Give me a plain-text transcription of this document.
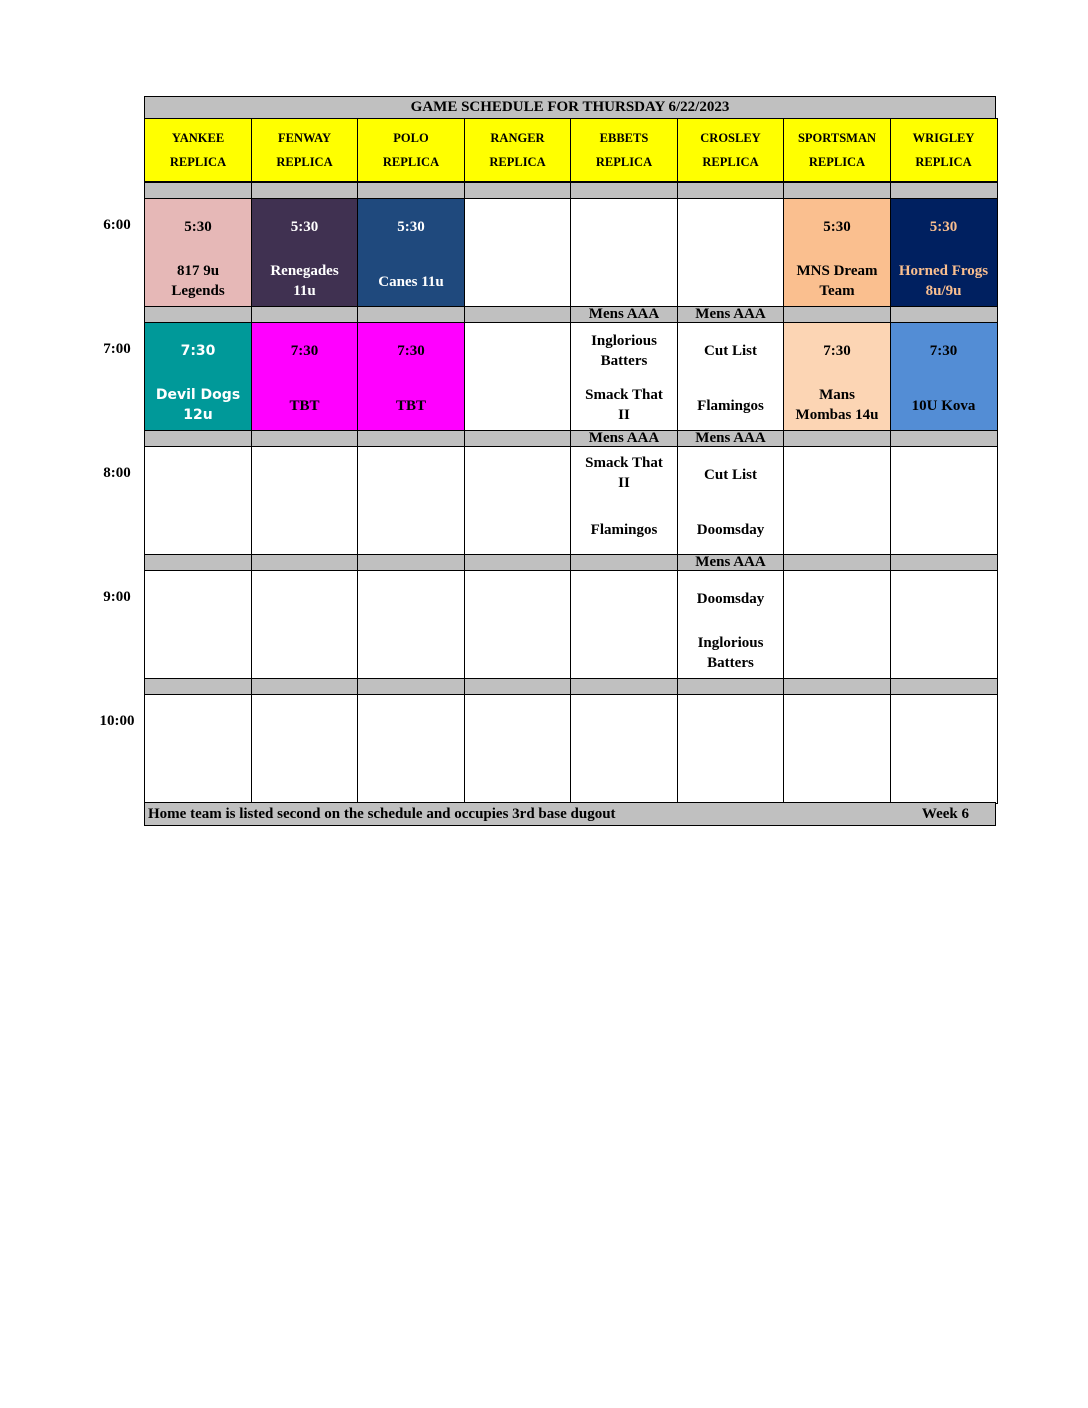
GAME SCHEDULE FOR THURSDAY 6/22/2023
YANKEE
REPLICA
FENWAY
REPLICA
POLO
REPLICA
RANGER
REPLICA
EBBETS
REPLICA
CROSLEY
REPLICA
SPORTSMAN
REPLICA
WRIGLEY
REPLICA
5:30
817 9u
Legends
5:30
Renegades
11u
5:30
Canes 11u
5:30
MNS Dream
Team
5:30
Horned Frogs
8u/9u
7:30
Devil Dogs
12u
7:30
TBT
7:30
TBT
Mens AAA
Inglorious
Batters
Smack That
II
Mens AAA
Cut List
Flamingos
7:30
Mans
Mombas 14u
7:30
10U Kova
Mens AAA
Smack That
II
Flamingos
Mens AAA
Cut List
Doomsday
Mens AAA
Doomsday
Inglorious
Batters
Home team is listed second on the schedule and occupies 3rd base dugout	Week 6
6:00
7:00
8:00
9:00
10:00
